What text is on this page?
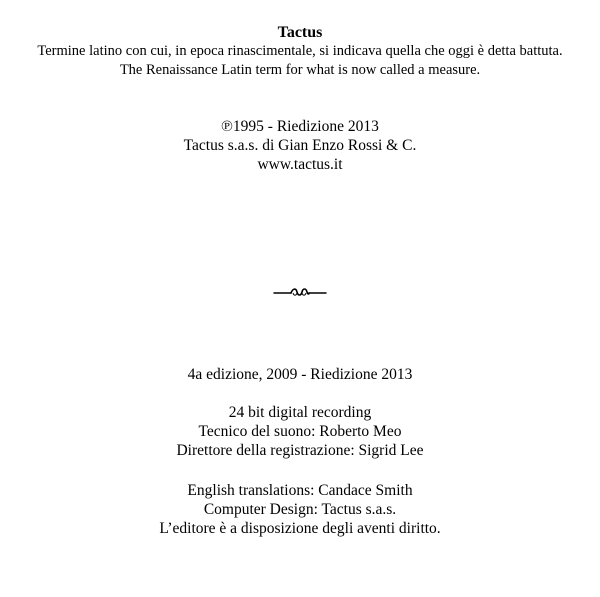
Tactus
Termine latino con cui, in epoca rinascimentale, si indicava quella che oggi è detta battuta.
The Renaissance Latin term for what is now called a measure.
℗1995 - Riedizione 2013
Tactus s.a.s. di Gian Enzo Rossi & C.
www.tactus.it
4a edizione, 2009 - Riedizione 2013
24 bit digital recording
Tecnico del suono: Roberto Meo
Direttore della registrazione: Sigrid Lee
English translations: Candace Smith
Computer Design: Tactus s.a.s.
L’editore è a disposizione degli aventi diritto.
